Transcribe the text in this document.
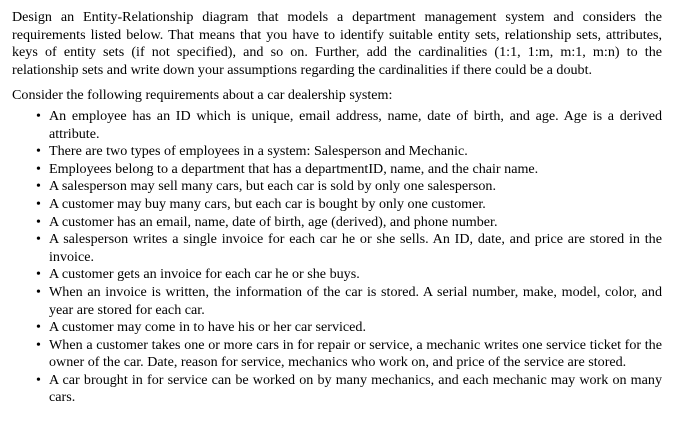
Design an Entity-Relationship diagram that models a department management system and considers the requirements listed below. That means that you have to identify suitable entity sets, relationship sets, attributes, keys of entity sets (if not specified), and so on. Further, add the cardinalities (1:1, 1:m, m:1, m:n) to the relationship sets and write down your assumptions regarding the cardinalities if there could be a doubt.

Consider the following requirements about a car dealership system:

• An employee has an ID which is unique, email address, name, date of birth, and age. Age is a derived attribute.
• There are two types of employees in a system: Salesperson and Mechanic.
• Employees belong to a department that has a departmentID, name, and the chair name.
• A salesperson may sell many cars, but each car is sold by only one salesperson.
• A customer may buy many cars, but each car is bought by only one customer.
• A customer has an email, name, date of birth, age (derived), and phone number.
• A salesperson writes a single invoice for each car he or she sells. An ID, date, and price are stored in the invoice.
• A customer gets an invoice for each car he or she buys.
• When an invoice is written, the information of the car is stored. A serial number, make, model, color, and year are stored for each car.
• A customer may come in to have his or her car serviced.
• When a customer takes one or more cars in for repair or service, a mechanic writes one service ticket for the owner of the car. Date, reason for service, mechanics who work on, and price of the service are stored.
• A car brought in for service can be worked on by many mechanics, and each mechanic may work on many cars.
